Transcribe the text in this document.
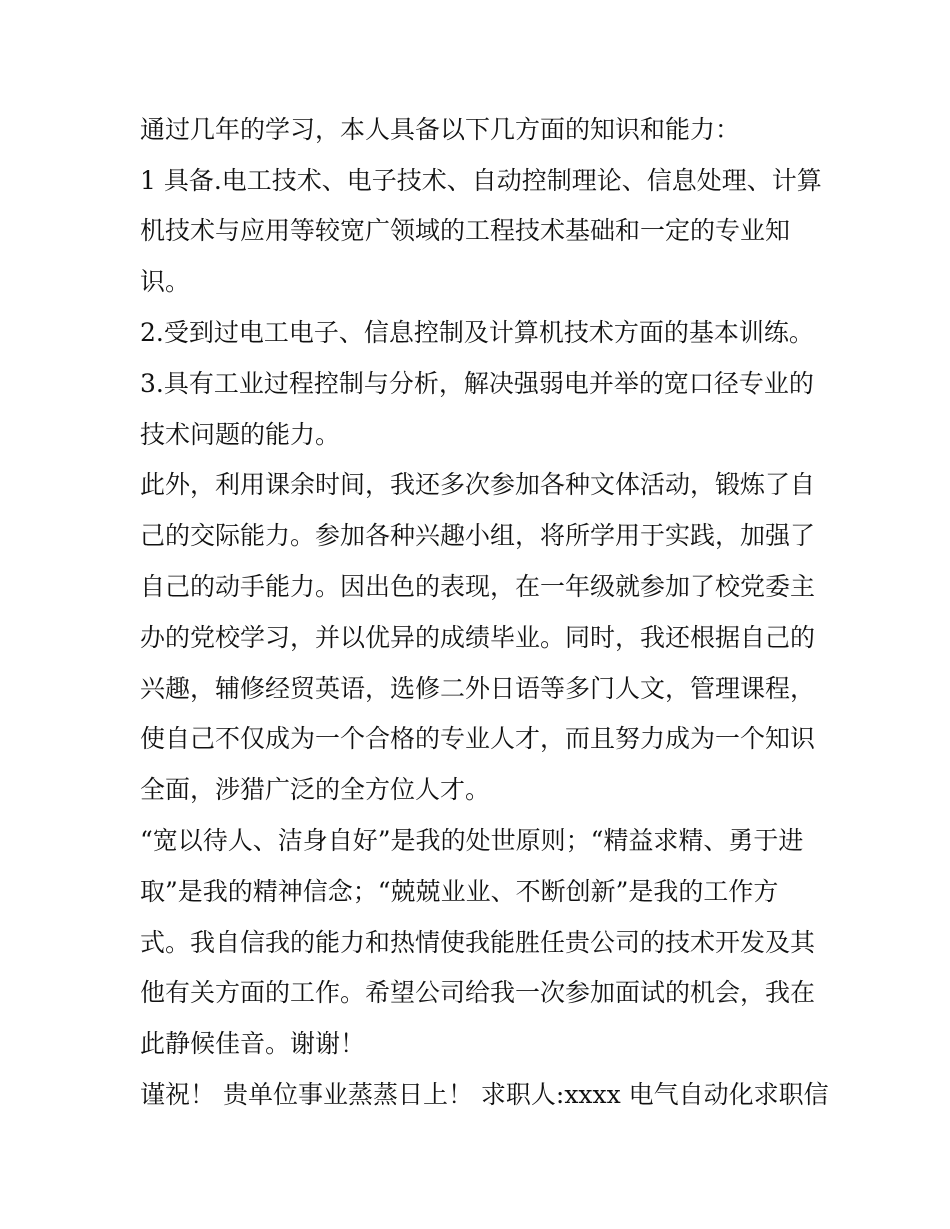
通过几年的学习，本人具备以下几方面的知识和能力：
1 具备.电工技术、电子技术、自动控制理论、信息处理、计算
机技术与应用等较宽广领域的工程技术基础和一定的专业知
识。
2.受到过电工电子、信息控制及计算机技术方面的基本训练。
3.具有工业过程控制与分析，解决强弱电并举的宽口径专业的
技术问题的能力。
此外，利用课余时间，我还多次参加各种文体活动，锻炼了自
己的交际能力。参加各种兴趣小组，将所学用于实践，加强了
自己的动手能力。因出色的表现，在一年级就参加了校党委主
办的党校学习，并以优异的成绩毕业。同时，我还根据自己的
兴趣，辅修经贸英语，选修二外日语等多门人文，管理课程，
使自己不仅成为一个合格的专业人才，而且努力成为一个知识
全面，涉猎广泛的全方位人才。
“宽以待人、洁身自好”是我的处世原则；“精益求精、勇于进
取”是我的精神信念；“兢兢业业、不断创新”是我的工作方
式。我自信我的能力和热情使我能胜任贵公司的技术开发及其
他有关方面的工作。希望公司给我一次参加面试的机会，我在
此静候佳音。谢谢！
谨祝！ 贵单位事业蒸蒸日上！ 求职人:xxxx 电气自动化求职信
